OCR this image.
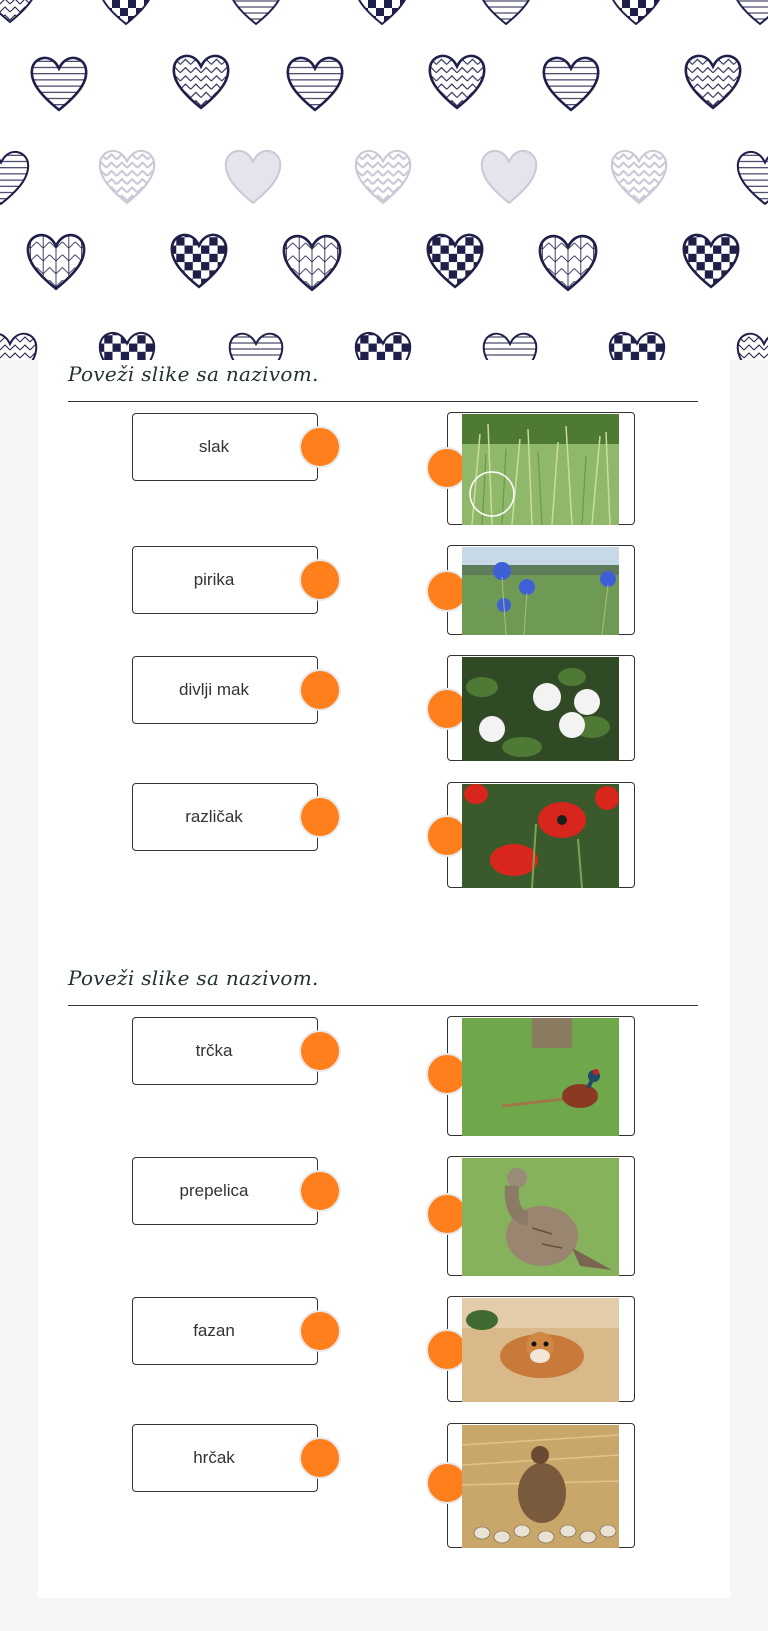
Poveži slike sa nazivom.
slak
pirika
divlji mak
različak
Poveži slike sa nazivom.
trčka
prepelica
fazan
hrčak
